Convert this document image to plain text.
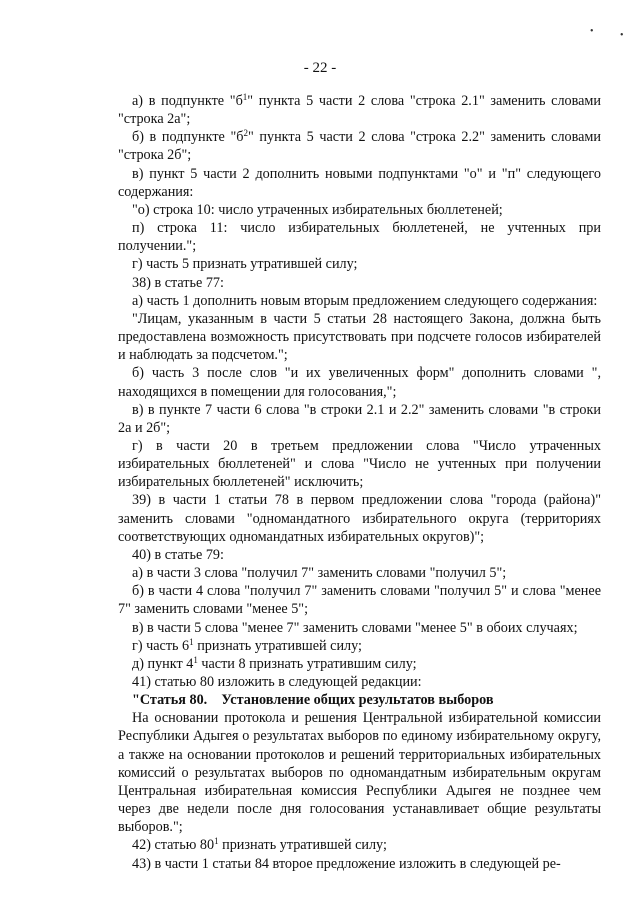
•	•
- 22 -

а) в подпункте "$б^1$" пункта 5 части 2 слова "строка 2.1" заменить словами "строка 2а";

б) в подпункте "$б^2$" пункта 5 части 2 слова "строка 2.2" заменить словами "строка 2б";

в) пункт 5 части 2 дополнить новыми подпунктами "о" и "п" следующего содержания:

"о) строка 10: число утраченных избирательных бюллетеней;

п) строка 11: число избирательных бюллетеней, не учтенных при получении.";

г) часть 5 признать утратившей силу;

38) в статье 77:

а) часть 1 дополнить новым вторым предложением следующего содержания:

"Лицам, указанным в части 5 статьи 28 настоящего Закона, должна быть предоставлена возможность присутствовать при подсчете голосов избирателей и наблюдать за подсчетом.";

б) часть 3 после слов "и их увеличенных форм" дополнить словами ", находящихся в помещении для голосования,";

в) в пункте 7 части 6 слова "в строки 2.1 и 2.2" заменить словами "в строки 2а и 2б";

г) в части 20 в третьем предложении слова "Число утраченных избирательных бюллетеней" и слова "Число не учтенных при получении избирательных бюллетеней" исключить;

39) в части 1 статьи 78 в первом предложении слова "города (района)" заменить словами "одномандатного избирательного округа (территориях соответствующих одномандатных избирательных округов)";

40) в статье 79:

а) в части 3 слова "получил 7" заменить словами "получил 5";

б) в части 4 слова "получил 7" заменить словами "получил 5" и слова "менее 7" заменить словами "менее 5";

в) в части 5 слова "менее 7" заменить словами "менее 5" в обоих случаях;

г) часть $6^1$ признать утратившей силу;

д) пункт $4^1$ части 8 признать утратившим силу;

41) статью 80 изложить в следующей редакции:

"Статья 80.    Установление общих результатов выборов

На основании протокола и решения Центральной избирательной комиссии Республики Адыгея о результатах выборов по единому избирательному округу, а также на основании протоколов и решений территориальных избирательных комиссий о результатах выборов по одномандатным избирательным округам Центральная избирательная комиссия Республики Адыгея не позднее чем через две недели после дня голосования устанавливает общие результаты выборов.";

42) статью $80^1$ признать утратившей силу;

43) в части 1 статьи 84 второе предложение изложить в следующей ре-
